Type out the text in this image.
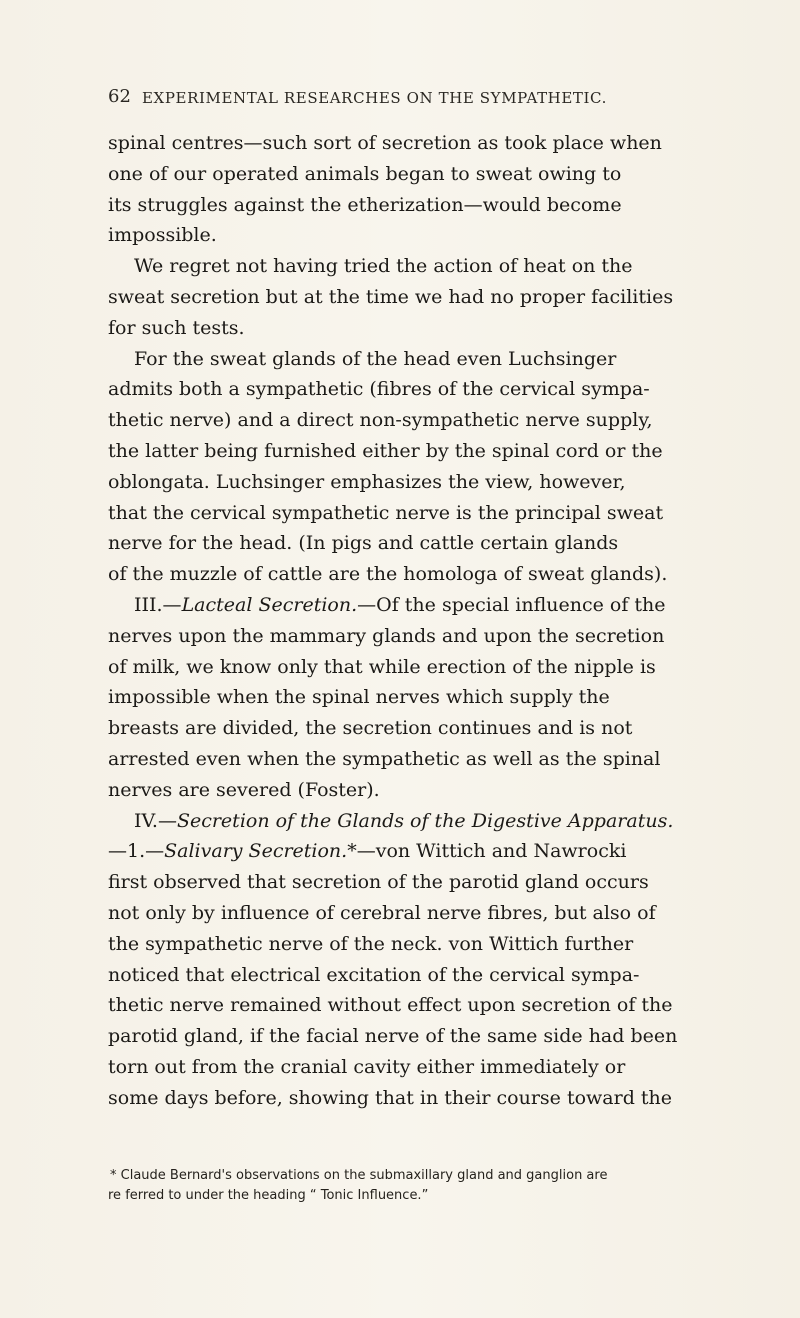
62 EXPERIMENTAL RESEARCHES ON THE SYMPATHETIC.
spinal centres—such sort of secretion as took place when
one of our operated animals began to sweat owing to
its struggles against the etherization—would become
impossible.
We regret not having tried the action of heat on the
sweat secretion but at the time we had no proper facilities
for such tests.
For the sweat glands of the head even Luchsinger
admits both a sympathetic (fibres of the cervical sympa-
thetic nerve) and a direct non-sympathetic nerve supply,
the latter being furnished either by the spinal cord or the
oblongata. Luchsinger emphasizes the view, however,
that the cervical sympathetic nerve is the principal sweat
nerve for the head. (In pigs and cattle certain glands
of the muzzle of cattle are the homologa of sweat glands).
III.—Lacteal Secretion.—Of the special influence of the
nerves upon the mammary glands and upon the secretion
of milk, we know only that while erection of the nipple is
impossible when the spinal nerves which supply the
breasts are divided, the secretion continues and is not
arrested even when the sympathetic as well as the spinal
nerves are severed (Foster).
IV.—Secretion of the Glands of the Digestive Apparatus.
—1.—Salivary Secretion.*—von Wittich and Nawrocki
first observed that secretion of the parotid gland occurs
not only by influence of cerebral nerve fibres, but also of
the sympathetic nerve of the neck. von Wittich further
noticed that electrical excitation of the cervical sympa-
thetic nerve remained without effect upon secretion of the
parotid gland, if the facial nerve of the same side had been
torn out from the cranial cavity either immediately or
some days before, showing that in their course toward the
* Claude Bernard's observations on the submaxillary gland and ganglion are
re ferred to under the heading “ Tonic Influence.”
